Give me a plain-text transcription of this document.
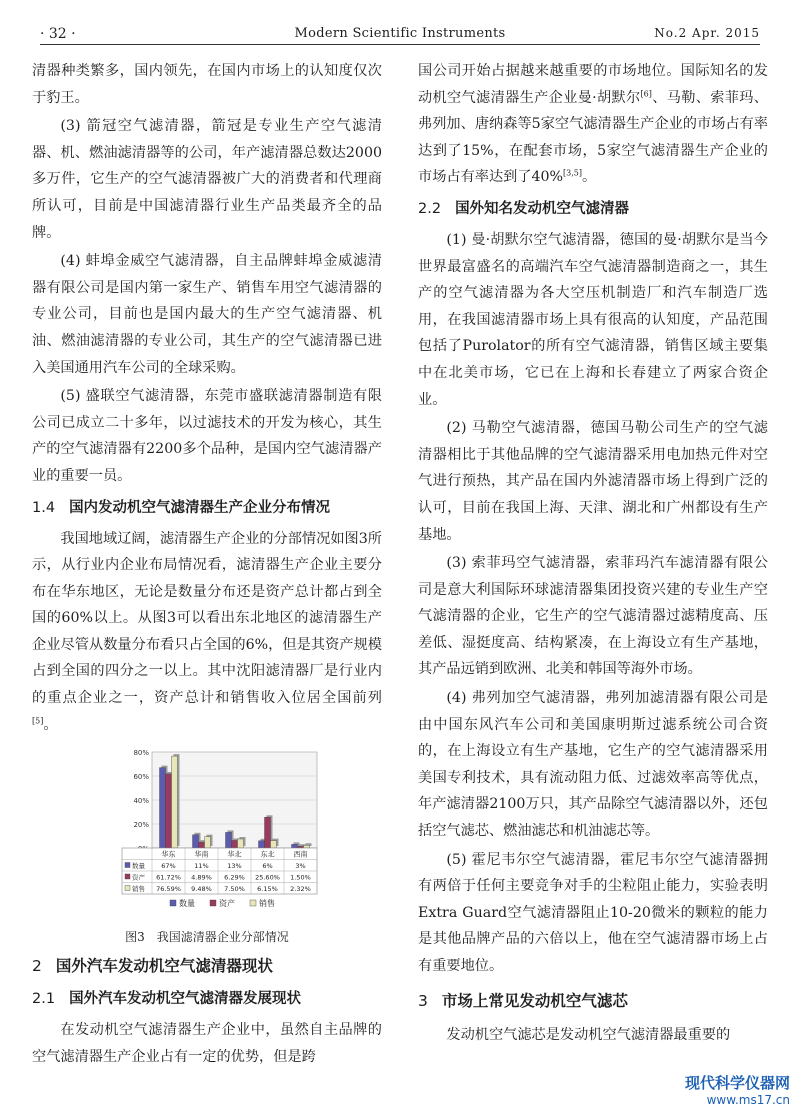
· 32 ·	Modern Scientific Instruments	No.2 Apr. 2015

清器种类繁多，国内领先，在国内市场上的认知度仅次于豹王。

(3) 箭冠空气滤清器，箭冠是专业生产空气滤清器、机、燃油滤清器等的公司，年产滤清器总数达2000多万件，它生产的空气滤清器被广大的消费者和代理商所认可，目前是中国滤清器行业生产品类最齐全的品牌。

(4) 蚌埠金威空气滤清器，自主品牌蚌埠金威滤清器有限公司是国内第一家生产、销售车用空气滤清器的专业公司，目前也是国内最大的生产空气滤清器、机油、燃油滤清器的专业公司，其生产的空气滤清器已进入美国通用汽车公司的全球采购。

(5) 盛联空气滤清器，东莞市盛联滤清器制造有限公司已成立二十多年，以过滤技术的开发为核心，其生产的空气滤清器有2200多个品种，是国内空气滤清器产业的重要一员。

1.4 国内发动机空气滤清器生产企业分布情况

我国地域辽阔，滤清器生产企业的分部情况如图3所示，从行业内企业布局情况看，滤清器生产企业主要分布在华东地区，无论是数量分布还是资产总计都占到全国的60%以上。从图3可以看出东北地区的滤清器生产企业尽管从数量分布看只占全国的6%，但是其资产规模占到全国的四分之一以上。其中沈阳滤清器厂是行业内的重点企业之一，资产总计和销售收入位居全国前列[5]。

20%
40%
60%
80%
华东	华南	华北	东北	西南
数量	67%	11%	13%	6%	3%
资产 61.72% 4.89% 6.29% 25.60% 1.50%
销售 76.59% 9.48% 7.50% 6.15% 2.32%
数量	资产	销售
图3　我国滤清器企业分部情况
2 国外汽车发动机空气滤清器现状
2.1 国外汽车发动机空气滤清器发展现状

在发动机空气滤清器生产企业中，虽然自主品牌的空气滤清器生产企业占有一定的优势，但是跨

国公司开始占据越来越重要的市场地位。国际知名的发动机空气滤清器生产企业曼·胡默尔[6]、马勒、索菲玛、弗列加、唐纳森等5家空气滤清器生产企业的市场占有率达到了15%，在配套市场，5家空气滤清器生产企业的市场占有率达到了40%[3,5]。

2.2 国外知名发动机空气滤清器

(1) 曼·胡默尔空气滤清器，德国的曼·胡默尔是当今世界最富盛名的高端汽车空气滤清器制造商之一，其生产的空气滤清器为各大空压机制造厂和汽车制造厂选用，在我国滤清器市场上具有很高的认知度，产品范围包括了Purolator的所有空气滤清器，销售区域主要集中在北美市场，它已在上海和长春建立了两家合资企业。

(2) 马勒空气滤清器，德国马勒公司生产的空气滤清器相比于其他品牌的空气滤清器采用电加热元件对空气进行预热，其产品在国内外滤清器市场上得到广泛的认可，目前在我国上海、天津、湖北和广州都设有生产基地。

(3) 索菲玛空气滤清器，索菲玛汽车滤清器有限公司是意大利国际环球滤清器集团投资兴建的专业生产空气滤清器的企业，它生产的空气滤清器过滤精度高、压差低、湿挺度高、结构紧凑，在上海设立有生产基地，其产品远销到欧洲、北美和韩国等海外市场。

(4) 弗列加空气滤清器，弗列加滤清器有限公司是由中国东风汽车公司和美国康明斯过滤系统公司合资的，在上海设立有生产基地，它生产的空气滤清器采用美国专利技术，具有流动阻力低、过滤效率高等优点，年产滤清器2100万只，其产品除空气滤清器以外，还包括空气滤芯、燃油滤芯和机油滤芯等。

(5) 霍尼韦尔空气滤清器，霍尼韦尔空气滤清器拥有两倍于任何主要竞争对手的尘粒阻止能力，实验表明Extra Guard空气滤清器阻止10-20微米的颗粒的能力是其他品牌产品的六倍以上，他在空气滤清器市场上占有重要地位。

3 市场上常见发动机空气滤芯

发动机空气滤芯是发动机空气滤清器最重要的

现代科学仪器网
www.ms17.cn
